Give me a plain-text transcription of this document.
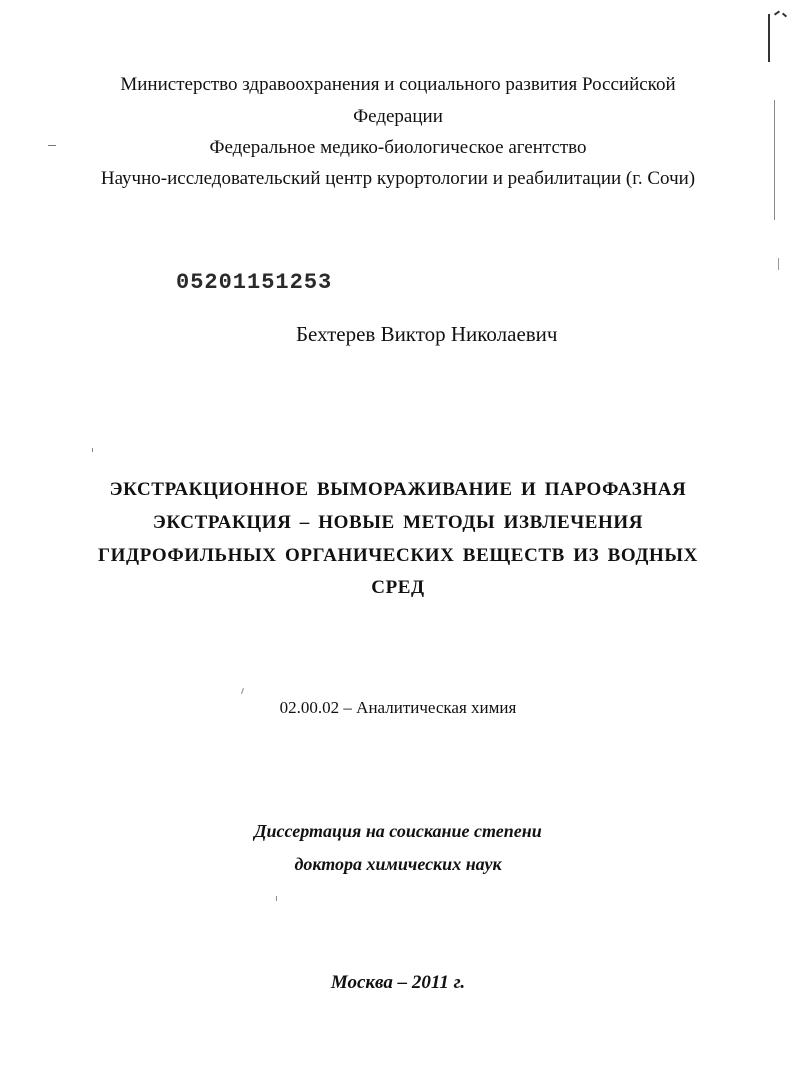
Министерство здравоохранения и социального развития Российской
Федерации
Федеральное медико-биологическое агентство
Научно-исследовательский центр курортологии и реабилитации (г. Сочи)
05201151253
Бехтерев Виктор Николаевич
ЭКСТРАКЦИОННОЕ ВЫМОРАЖИВАНИЕ И ПАРОФАЗНАЯ
ЭКСТРАКЦИЯ – НОВЫЕ МЕТОДЫ ИЗВЛЕЧЕНИЯ
ГИДРОФИЛЬНЫХ ОРГАНИЧЕСКИХ ВЕЩЕСТВ ИЗ ВОДНЫХ
СРЕД
02.00.02 – Аналитическая химия
Диссертация на соискание степени
доктора химических наук
Москва – 2011 г.
